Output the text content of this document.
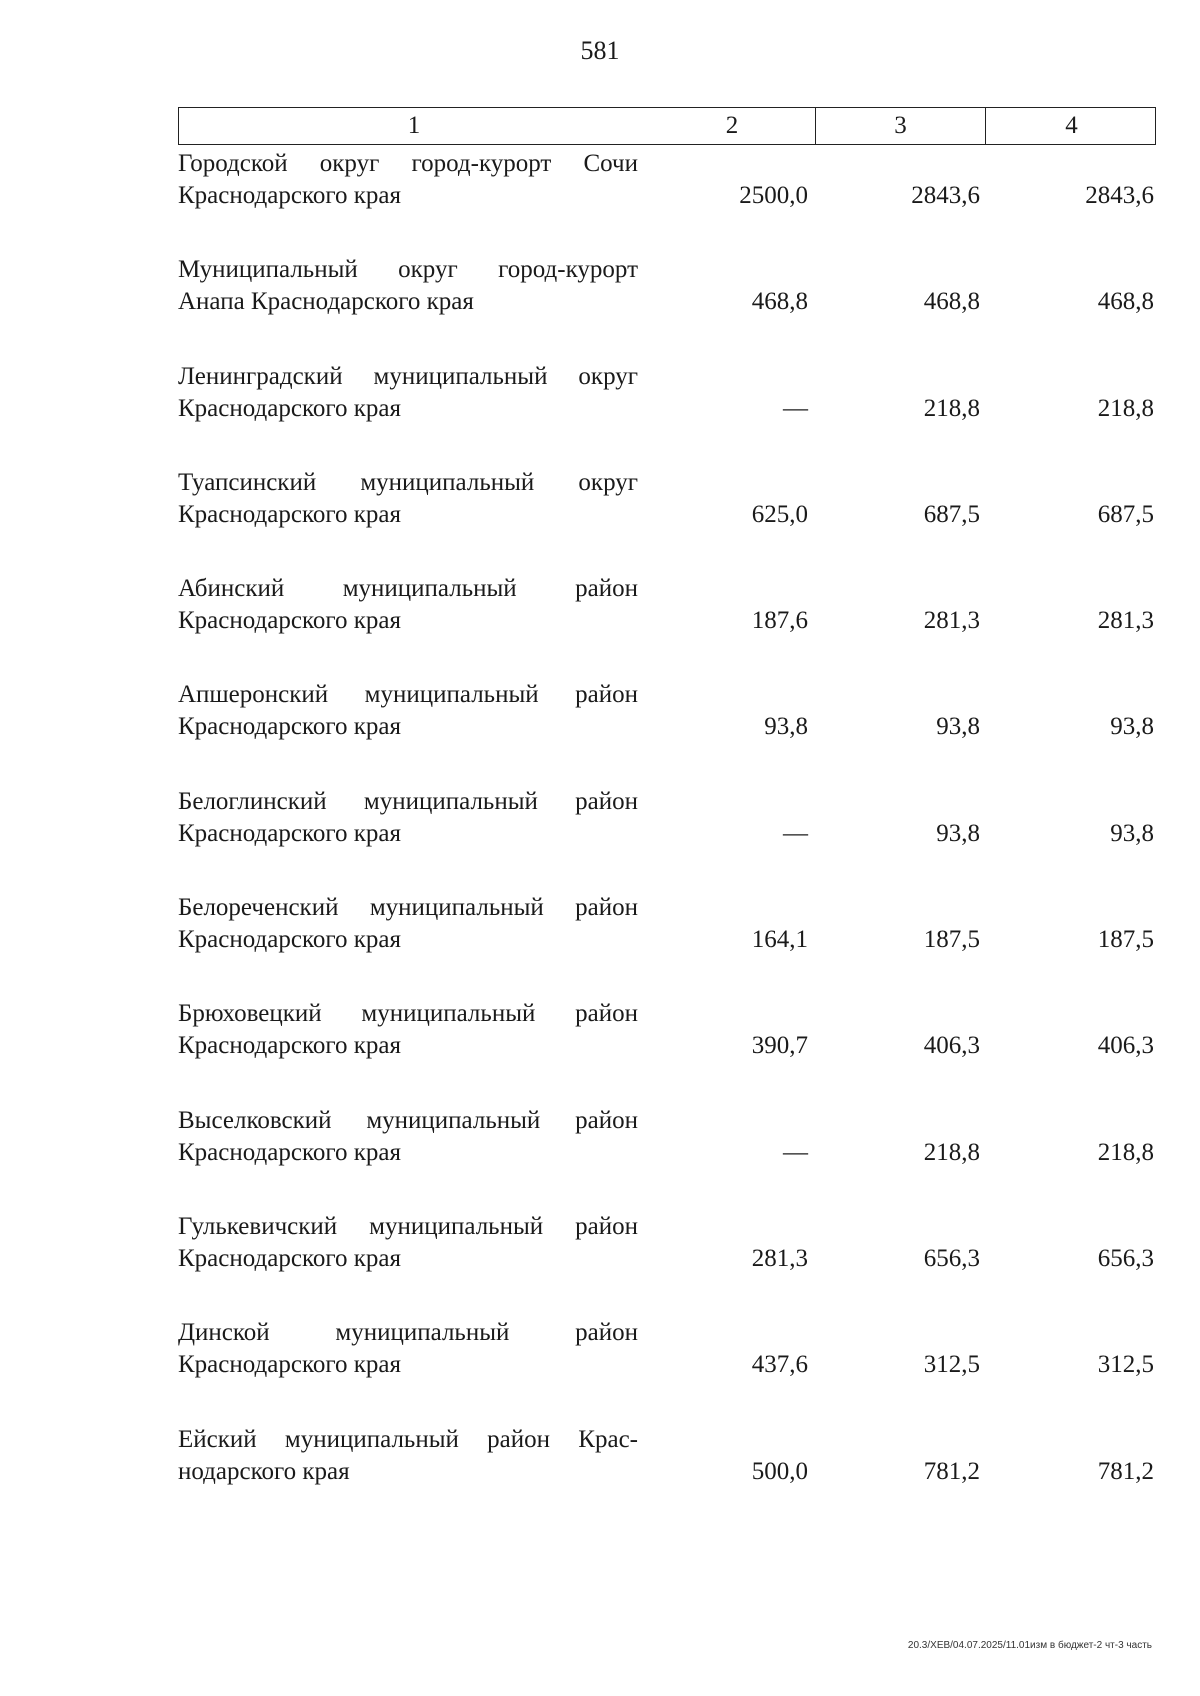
581
1	2	3	4
Городской округ город-курорт Сочи Краснодарского края	2500,0	2843,6	2843,6
Муниципальный округ город-курорт Анапа Краснодарского края	468,8	468,8	468,8
Ленинградский муниципальный округ Краснодарского края	—	218,8	218,8
Туапсинский муниципальный округ Краснодарского края	625,0	687,5	687,5
Абинский муниципальный район Краснодарского края	187,6	281,3	281,3
Апшеронский муниципальный район Краснодарского края	93,8	93,8	93,8
Белоглинский муниципальный район Краснодарского края	—	93,8	93,8
Белореченский муниципальный район Краснодарского края	164,1	187,5	187,5
Брюховецкий муниципальный район Краснодарского края	390,7	406,3	406,3
Выселковский муниципальный район Краснодарского края	—	218,8	218,8
Гулькевичский муниципальный район Краснодарского края	281,3	656,3	656,3
Динской муниципальный район Краснодарского края	437,6	312,5	312,5
Ейский муниципальный район Крас-нодарского края	500,0	781,2	781,2
20.3/ХЕВ/04.07.2025/11.01изм в бюджет-2 чт-3 часть
